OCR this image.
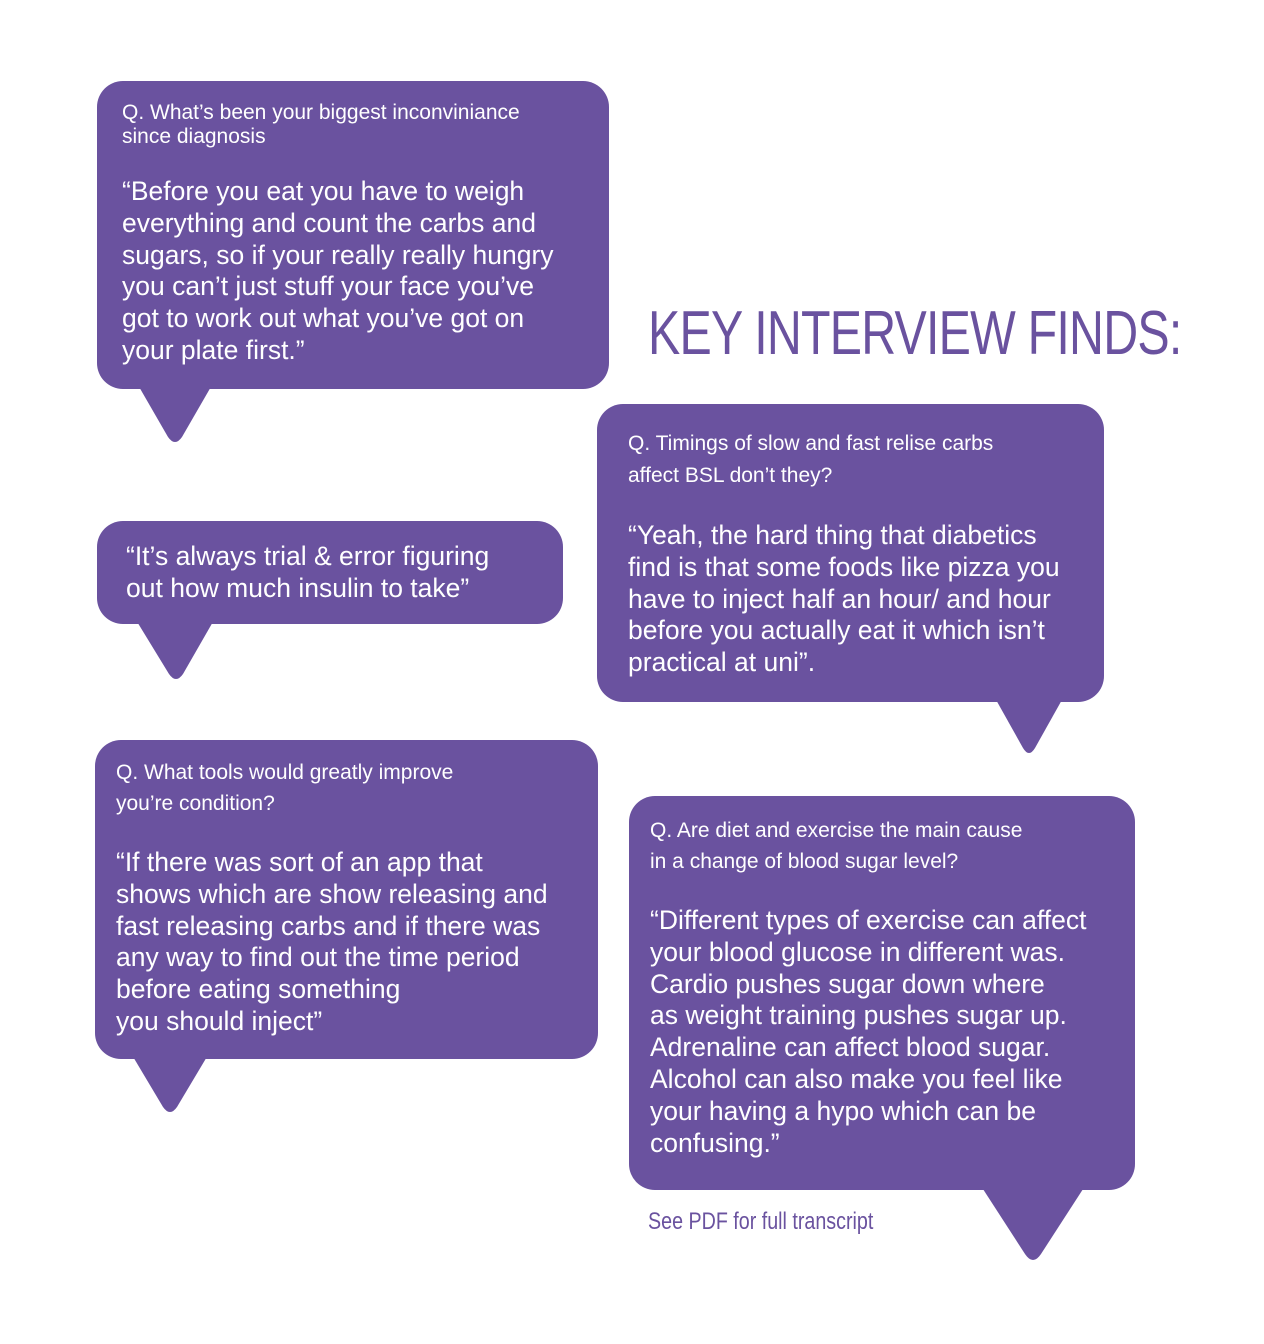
Q. What’s been your biggest inconviniance
since diagnosis

“Before you eat you have to weigh
everything and count the carbs and
sugars, so if your really really hungry
you can’t just stuff your face you’ve
got to work out what you’ve got on
your plate first.”

“It’s always trial & error figuring
out how much insulin to take”

KEY INTERVIEW FINDS:

Q. Timings of slow and fast relise carbs
affect BSL don’t they?

“Yeah, the hard thing that diabetics
find is that some foods like pizza you
have to inject half an hour/ and hour
before you actually eat it which isn’t
practical at uni”.

Q. What tools would greatly improve
you’re condition?

“If there was sort of an app that
shows which are show releasing and
fast releasing carbs and if there was
any way to find out the time period
before eating something
you should inject”

Q. Are diet and exercise the main cause
in a change of blood sugar level?

“Different types of exercise can affect
your blood glucose in different was.
Cardio pushes sugar down where
as weight training pushes sugar up.
Adrenaline can affect blood sugar.
Alcohol can also make you feel like
your having a hypo which can be
confusing.”

See PDF for full transcript
